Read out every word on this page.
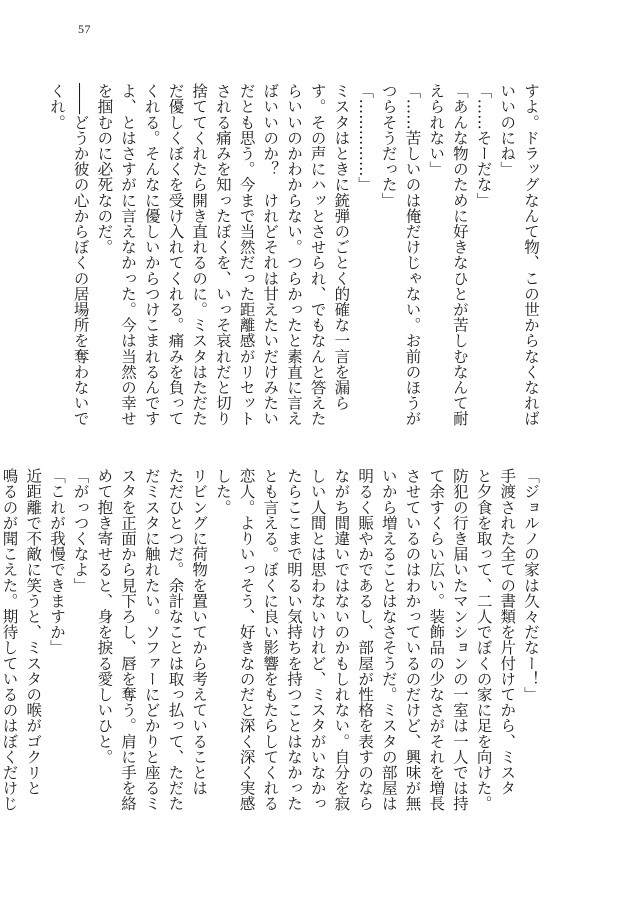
57
すよ。ドラッグなんて物、この世からなくなれば
いいのにね」
「……そーだな」
「あんな物のために好きなひとが苦しむなんて耐
えられない」
「……苦しいのは俺だけじゃない。お前のほうが
つらそうだった」
「……………」
ミスタはときに銃弾のごとく的確な一言を漏ら
す。その声にハッとさせられ、でもなんと答えた
らいいのかわからない。つらかったと素直に言え
ばいいのか？　けれどそれは甘えたいだけみたい
だとも思う。今まで当然だった距離感がリセット
される痛みを知ったぼくを、いっそ哀れだと切り
捨ててくれたら開き直れるのに。ミスタはただた
だ優しくぼくを受け入れてくれる。痛みを負って
くれる。そんなに優しいからつけこまれるんです
よ、とはさすがに言えなかった。今は当然の幸せ
を掴むのに必死なのだ。
――どうか彼の心からぼくの居場所を奪わないで
くれ。
「ジョルノの家は久々だなー！」
手渡された全ての書類を片付けてから、ミスタ
と夕食を取って、二人でぼくの家に足を向けた。
防犯の行き届いたマンションの一室は一人では持
て余すくらい広い。装飾品の少なさがそれを増長
させているのはわかっているのだけど、興味が無
いから増えることはなさそうだ。ミスタの部屋は
明るく賑やかであるし、部屋が性格を表すのなら
ながち間違いではないのかもしれない。自分を寂
しい人間とは思わないけれど、ミスタがいなかっ
たらここまで明るい気持ちを持つことはなかった
とも言える。ぼくに良い影響をもたらしてくれる
恋人。よりいっそう、好きなのだと深く深く実感
した。
リビングに荷物を置いてから考えていることは
ただひとつだ。余計なことは取っ払って、ただた
だミスタに触れたい。ソファーにどかりと座るミ
スタを正面から見下ろし、唇を奪う。肩に手を絡
めて抱き寄せると、身を捩る愛しいひと。
「がっつくなよ」
「これが我慢できますか」
近距離で不敵に笑うと、ミスタの喉がゴクリと
鳴るのが聞こえた。期待しているのはぼくだけじ
